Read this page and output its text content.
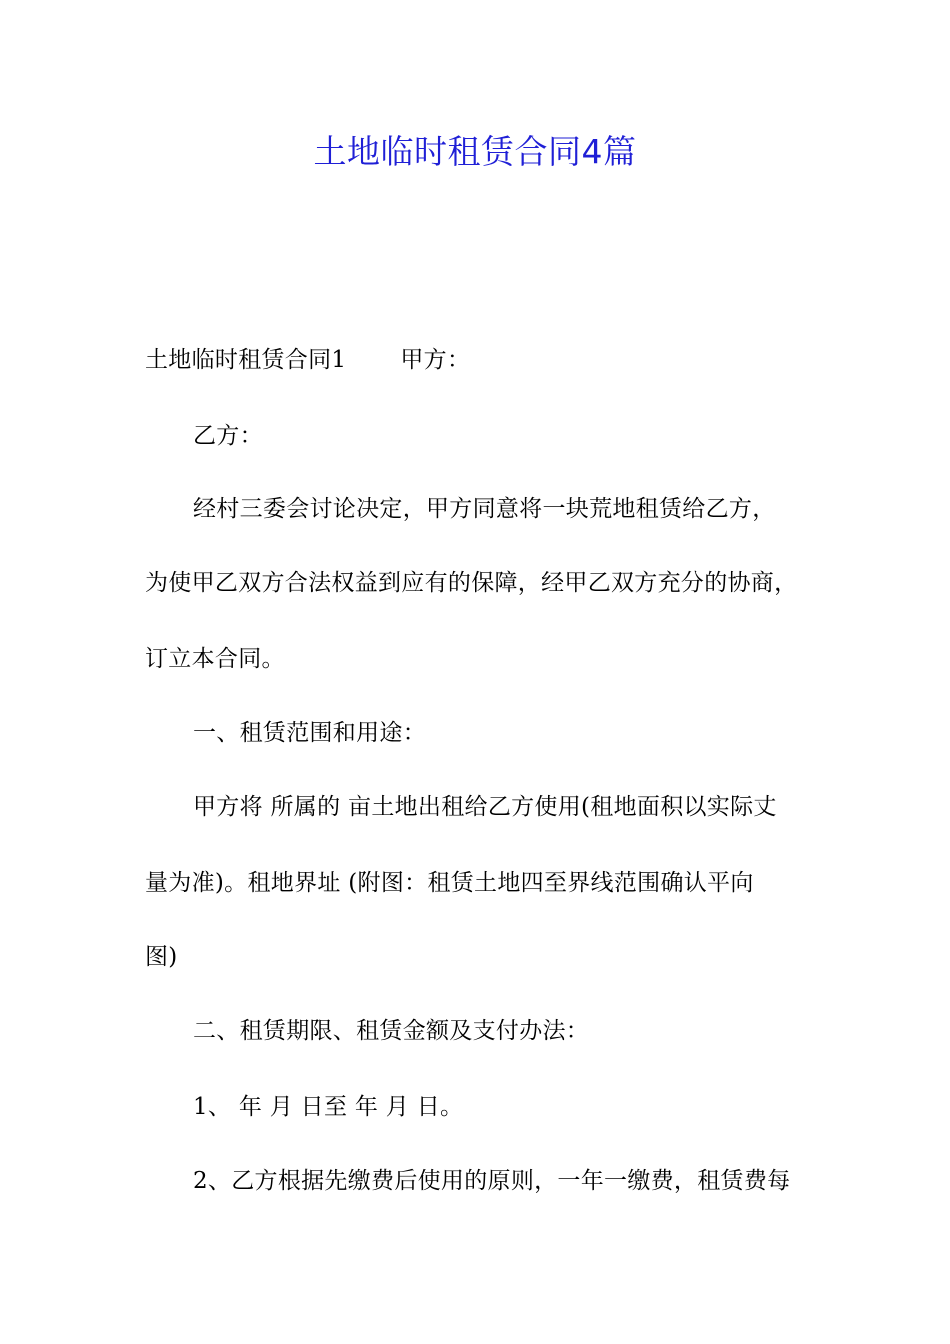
土地临时租赁合同4篇
土地临时租赁合同1 甲方：
乙方：
经村三委会讨论决定，甲方同意将一块荒地租赁给乙方，
为使甲乙双方合法权益到应有的保障，经甲乙双方充分的协商，
订立本合同。
一、租赁范围和用途：
甲方将 所属的 亩土地出租给乙方使用(租地面积以实际丈
量为准)。租地界址 (附图：租赁土地四至界线范围确认平向
图)
二、租赁期限、租赁金额及支付办法：
1、 年 月 日至 年 月 日。
2、乙方根据先缴费后使用的原则，一年一缴费，租赁费每
